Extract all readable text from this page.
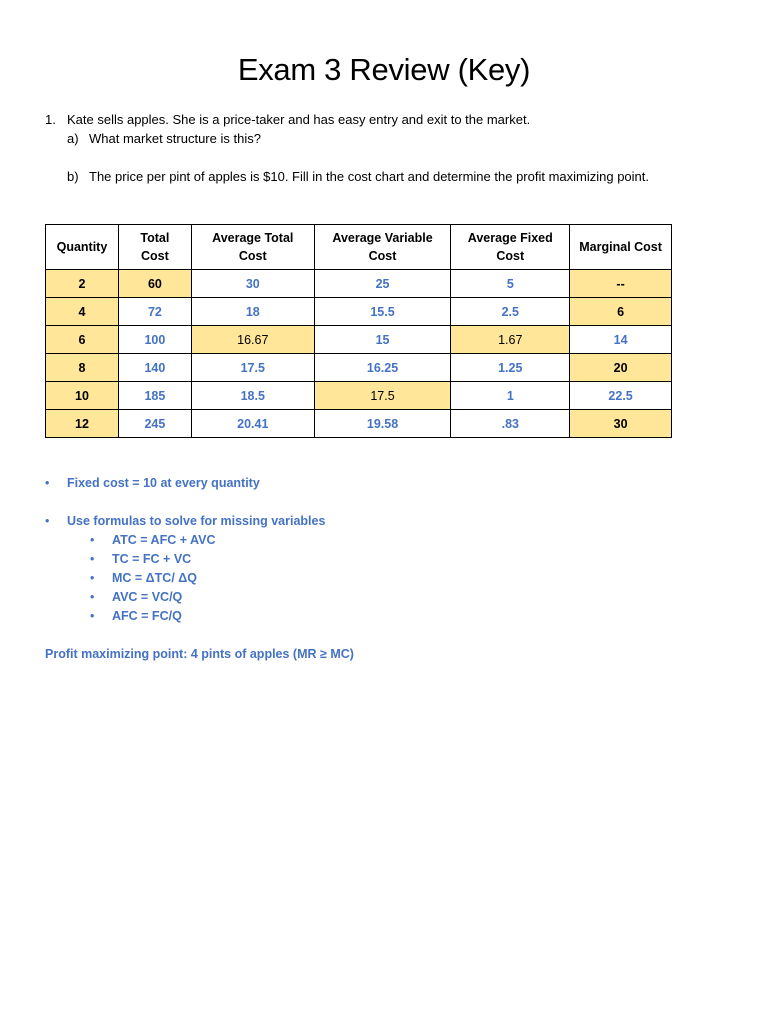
Exam 3 Review (Key)
1. Kate sells apples. She is a price-taker and has easy entry and exit to the market.
a) What market structure is this?
b) The price per pint of apples is $10. Fill in the cost chart and determine the profit maximizing point.
Quantity	Total Cost	Average Total Cost	Average Variable Cost	Average Fixed Cost	Marginal Cost
2	60	30	25	5	--
4	72	18	15.5	2.5	6
6	100	16.67	15	1.67	14
8	140	17.5	16.25	1.25	20
10	185	18.5	17.5	1	22.5
12	245	20.41	19.58	.83	30
• Fixed cost = 10 at every quantity
• Use formulas to solve for missing variables
• ATC = AFC + AVC
• TC = FC + VC
• MC = ΔTC/ ΔQ
• AVC = VC/Q
• AFC = FC/Q
Profit maximizing point: 4 pints of apples (MR ≥ MC)
